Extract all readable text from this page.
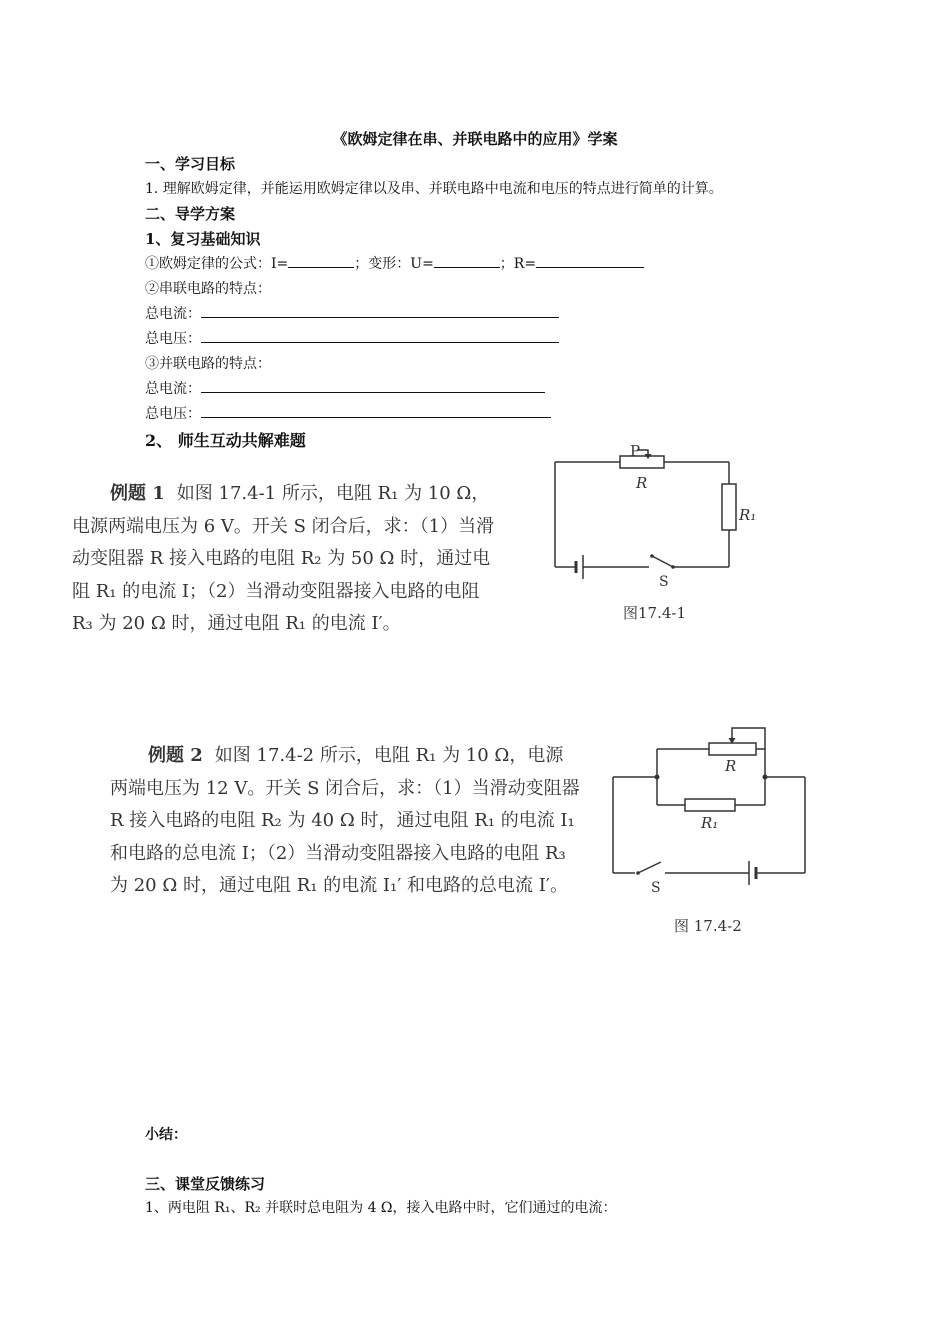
《欧姆定律在串、并联电路中的应用》学案
一、学习目标
1. 理解欧姆定律，并能运用欧姆定律以及串、并联电路中电流和电压的特点进行简单的计算。
二、导学方案
1、复习基础知识
①欧姆定律的公式：I=	；变形：U=	；R=
②串联电路的特点：
总电流：
总电压：
③并联电路的特点：
总电流：
总电压：
2、 师生互动共解难题
例题 1 如图 17.4-1 所示，电阻 R₁ 为 10 Ω，电源两端电压为 6 V。开关 S 闭合后，求：（1）当滑动变阻器 R 接入电路的电阻 R₂ 为 50 Ω 时，通过电阻 R₁ 的电流 I；（2）当滑动变阻器接入电路的电阻 R₃ 为 20 Ω 时，通过电阻 R₁ 的电流 I′。
P
R
R₁
S
图17.4-1
例题 2 如图 17.4-2 所示，电阻 R₁ 为 10 Ω，电源两端电压为 12 V。开关 S 闭合后，求：（1）当滑动变阻器 R 接入电路的电阻 R₂ 为 40 Ω 时，通过电阻 R₁ 的电流 I₁ 和电路的总电流 I；（2）当滑动变阻器接入电路的电阻 R₃ 为 20 Ω 时，通过电阻 R₁ 的电流 I₁′ 和电路的总电流 I′。
R
R₁
S
图 17.4-2
小结：
三、课堂反馈练习
1、两电阻 R₁、R₂ 并联时总电阻为 4 Ω，接入电路中时，它们通过的电流：
